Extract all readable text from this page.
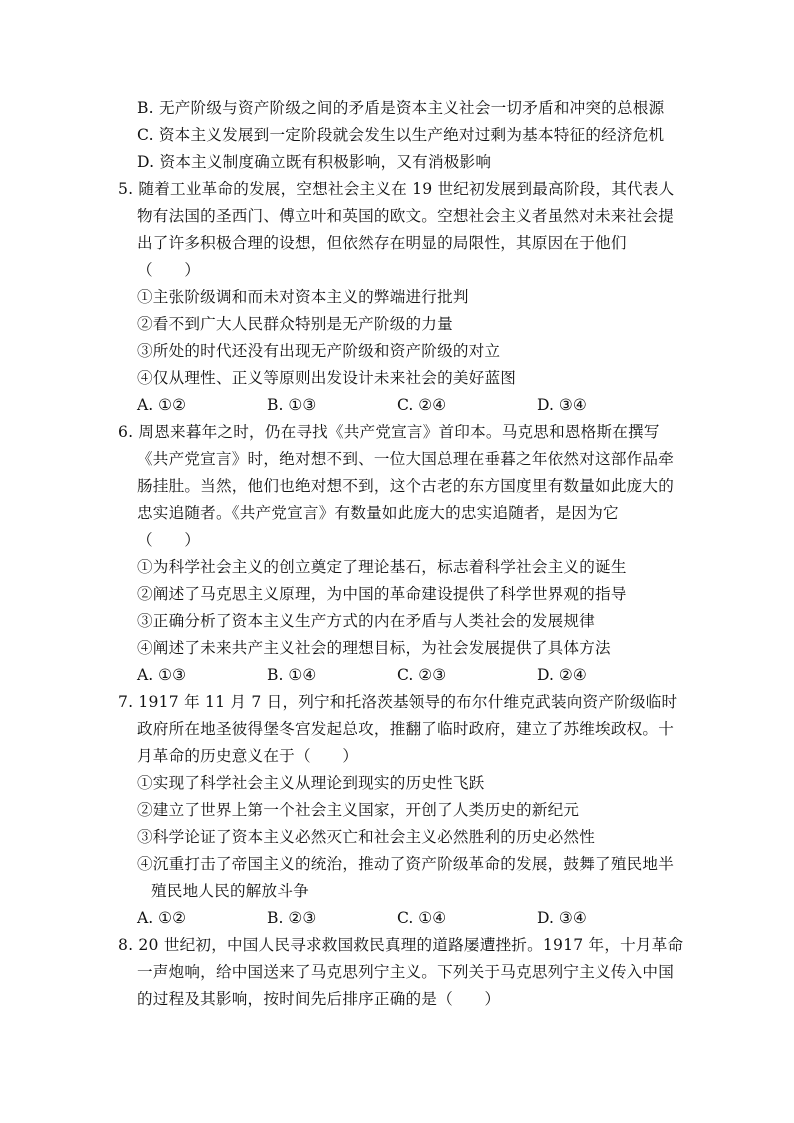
B. 无产阶级与资产阶级之间的矛盾是资本主义社会一切矛盾和冲突的总根源
C. 资本主义发展到一定阶段就会发生以生产绝对过剩为基本特征的经济危机
D. 资本主义制度确立既有积极影响，又有消极影响
5. 随着工业革命的发展，空想社会主义在 19 世纪初发展到最高阶段，其代表人
物有法国的圣西门、傅立叶和英国的欧文。空想社会主义者虽然对未来社会提
出了许多积极合理的设想，但依然存在明显的局限性，其原因在于他们
（　　）
①主张阶级调和而未对资本主义的弊端进行批判
②看不到广大人民群众特别是无产阶级的力量
③所处的时代还没有出现无产阶级和资产阶级的对立
④仅从理性、正义等原则出发设计未来社会的美好蓝图
A. ①②	B. ①③	C. ②④	D. ③④
6. 周恩来暮年之时，仍在寻找《共产党宣言》首印本。马克思和恩格斯在撰写
《共产党宣言》时，绝对想不到、一位大国总理在垂暮之年依然对这部作品牵
肠挂肚。当然，他们也绝对想不到，这个古老的东方国度里有数量如此庞大的
忠实追随者。《共产党宣言》有数量如此庞大的忠实追随者，是因为它
（　　）
①为科学社会主义的创立奠定了理论基石，标志着科学社会主义的诞生
②阐述了马克思主义原理，为中国的革命建设提供了科学世界观的指导
③正确分析了资本主义生产方式的内在矛盾与人类社会的发展规律
④阐述了未来共产主义社会的理想目标，为社会发展提供了具体方法
A. ①③	B. ①④	C. ②③	D. ②④
7. 1917 年 11 月 7 日，列宁和托洛茨基领导的布尔什维克武装向资产阶级临时
政府所在地圣彼得堡冬宫发起总攻，推翻了临时政府，建立了苏维埃政权。十
月革命的历史意义在于（　　）
①实现了科学社会主义从理论到现实的历史性飞跃
②建立了世界上第一个社会主义国家，开创了人类历史的新纪元
③科学论证了资本主义必然灭亡和社会主义必然胜利的历史必然性
④沉重打击了帝国主义的统治，推动了资产阶级革命的发展，鼓舞了殖民地半
殖民地人民的解放斗争
A. ①②	B. ②③	C. ①④	D. ③④
8. 20 世纪初，中国人民寻求救国救民真理的道路屡遭挫折。1917 年，十月革命
一声炮响，给中国送来了马克思列宁主义。下列关于马克思列宁主义传入中国
的过程及其影响，按时间先后排序正确的是（　　）
